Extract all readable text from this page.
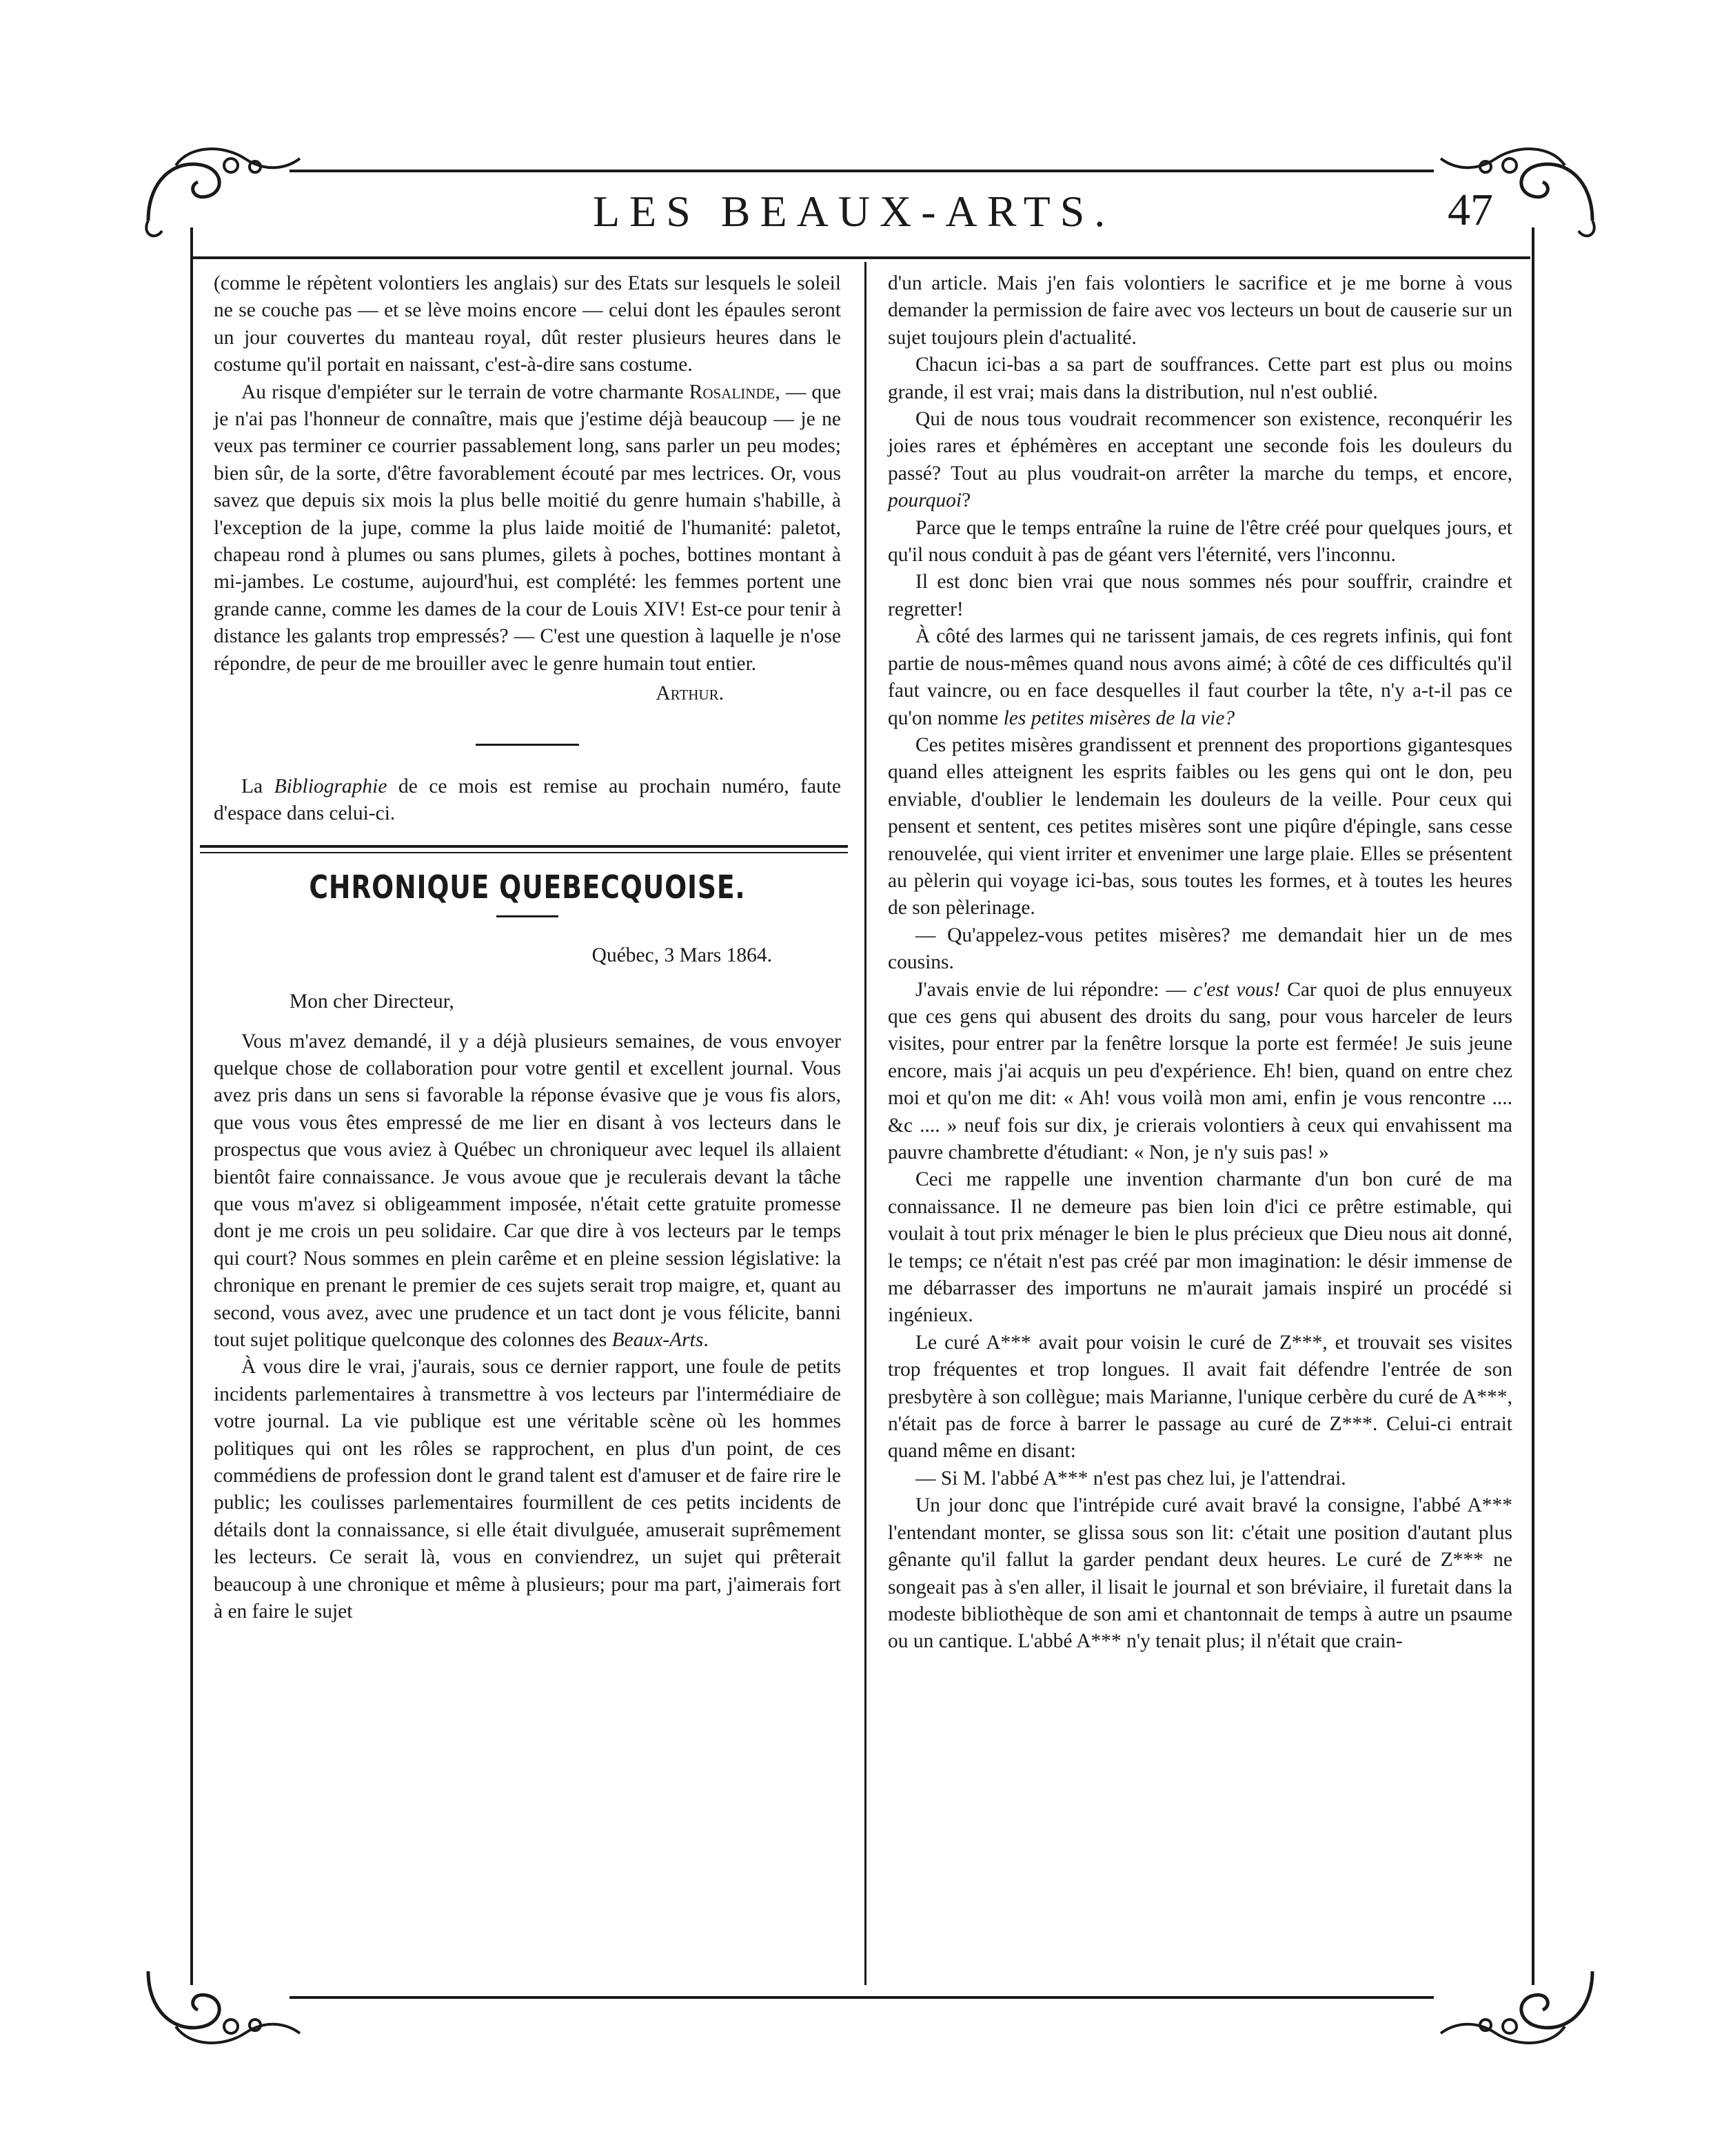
LES BEAUX-ARTS.	47

(comme le répètent volontiers les anglais) sur des Etats sur lesquels le soleil ne se couche pas — et se lève moins encore — celui dont les épaules seront un jour couvertes du manteau royal, dût rester plusieurs heures dans le costume qu'il portait en naissant, c'est-à-dire sans costume.

Au risque d'empiéter sur le terrain de votre charmante Rosalinde, — que je n'ai pas l'honneur de connaître, mais que j'estime déjà beaucoup — je ne veux pas terminer ce courrier passablement long, sans parler un peu modes; bien sûr, de la sorte, d'être favorablement écouté par mes lectrices. Or, vous savez que depuis six mois la plus belle moitié du genre humain s'habille, à l'exception de la jupe, comme la plus laide moitié de l'humanité: paletot, chapeau rond à plumes ou sans plumes, gilets à poches, bottines montant à mi-jambes. Le costume, aujourd'hui, est complété: les femmes portent une grande canne, comme les dames de la cour de Louis XIV! Est-ce pour tenir à distance les galants trop empressés? — C'est une question à laquelle je n'ose répondre, de peur de me brouiller avec le genre humain tout entier.

Arthur.

La Bibliographie de ce mois est remise au prochain numéro, faute d'espace dans celui-ci.

CHRONIQUE QUEBECQUOISE.

Québec, 3 Mars 1864.

Mon cher Directeur,

Vous m'avez demandé, il y a déjà plusieurs semaines, de vous envoyer quelque chose de collaboration pour votre gentil et excellent journal. Vous avez pris dans un sens si favorable la réponse évasive que je vous fis alors, que vous vous êtes empressé de me lier en disant à vos lecteurs dans le prospectus que vous aviez à Québec un chroniqueur avec lequel ils allaient bientôt faire connaissance. Je vous avoue que je reculerais devant la tâche que vous m'avez si obligeamment imposée, n'était cette gratuite promesse dont je me crois un peu solidaire. Car que dire à vos lecteurs par le temps qui court? Nous sommes en plein carême et en pleine session législative: la chronique en prenant le premier de ces sujets serait trop maigre, et, quant au second, vous avez, avec une prudence et un tact dont je vous félicite, banni tout sujet politique quelconque des colonnes des Beaux-Arts.

À vous dire le vrai, j'aurais, sous ce dernier rapport, une foule de petits incidents parlementaires à transmettre à vos lecteurs par l'intermédiaire de votre journal. La vie publique est une véritable scène où les hommes politiques qui ont les rôles se rapprochent, en plus d'un point, de ces commédiens de profession dont le grand talent est d'amuser et de faire rire le public; les coulisses parlementaires fourmillent de ces petits incidents de détails dont la connaissance, si elle était divulguée, amuserait suprêmement les lecteurs. Ce serait là, vous en conviendrez, un sujet qui prêterait beaucoup à une chronique et même à plusieurs; pour ma part, j'aimerais fort à en faire le sujet

d'un article. Mais j'en fais volontiers le sacrifice et je me borne à vous demander la permission de faire avec vos lecteurs un bout de causerie sur un sujet toujours plein d'actualité.

Chacun ici-bas a sa part de souffrances. Cette part est plus ou moins grande, il est vrai; mais dans la distribution, nul n'est oublié.

Qui de nous tous voudrait recommencer son existence, reconquérir les joies rares et éphémères en acceptant une seconde fois les douleurs du passé? Tout au plus voudrait-on arrêter la marche du temps, et encore, pourquoi?

Parce que le temps entraîne la ruine de l'être créé pour quelques jours, et qu'il nous conduit à pas de géant vers l'éternité, vers l'inconnu.

Il est donc bien vrai que nous sommes nés pour souffrir, craindre et regretter!

À côté des larmes qui ne tarissent jamais, de ces regrets infinis, qui font partie de nous-mêmes quand nous avons aimé; à côté de ces difficultés qu'il faut vaincre, ou en face desquelles il faut courber la tête, n'y a-t-il pas ce qu'on nomme les petites misères de la vie?

Ces petites misères grandissent et prennent des proportions gigantesques quand elles atteignent les esprits faibles ou les gens qui ont le don, peu enviable, d'oublier le lendemain les douleurs de la veille. Pour ceux qui pensent et sentent, ces petites misères sont une piqûre d'épingle, sans cesse renouvelée, qui vient irriter et envenimer une large plaie. Elles se présentent au pèlerin qui voyage ici-bas, sous toutes les formes, et à toutes les heures de son pèlerinage.

— Qu'appelez-vous petites misères? me demandait hier un de mes cousins.

J'avais envie de lui répondre: — c'est vous! Car quoi de plus ennuyeux que ces gens qui abusent des droits du sang, pour vous harceler de leurs visites, pour entrer par la fenêtre lorsque la porte est fermée! Je suis jeune encore, mais j'ai acquis un peu d'expérience. Eh! bien, quand on entre chez moi et qu'on me dit: « Ah! vous voilà mon ami, enfin je vous rencontre .... &c .... » neuf fois sur dix, je crierais volontiers à ceux qui envahissent ma pauvre chambrette d'étudiant: « Non, je n'y suis pas! »

Ceci me rappelle une invention charmante d'un bon curé de ma connaissance. Il ne demeure pas bien loin d'ici ce prêtre estimable, qui voulait à tout prix ménager le bien le plus précieux que Dieu nous ait donné, le temps; ce n'était n'est pas créé par mon imagination: le désir immense de me débarrasser des importuns ne m'aurait jamais inspiré un procédé si ingénieux.

Le curé A*** avait pour voisin le curé de Z***, et trouvait ses visites trop fréquentes et trop longues. Il avait fait défendre l'entrée de son presbytère à son collègue; mais Marianne, l'unique cerbère du curé de A***, n'était pas de force à barrer le passage au curé de Z***. Celui-ci entrait quand même en disant:

— Si M. l'abbé A*** n'est pas chez lui, je l'attendrai.

Un jour donc que l'intrépide curé avait bravé la consigne, l'abbé A*** l'entendant monter, se glissa sous son lit: c'était une position d'autant plus gênante qu'il fallut la garder pendant deux heures. Le curé de Z*** ne songeait pas à s'en aller, il lisait le journal et son bréviaire, il furetait dans la modeste bibliothèque de son ami et chantonnait de temps à autre un psaume ou un cantique. L'abbé A*** n'y tenait plus; il n'était que crain-
